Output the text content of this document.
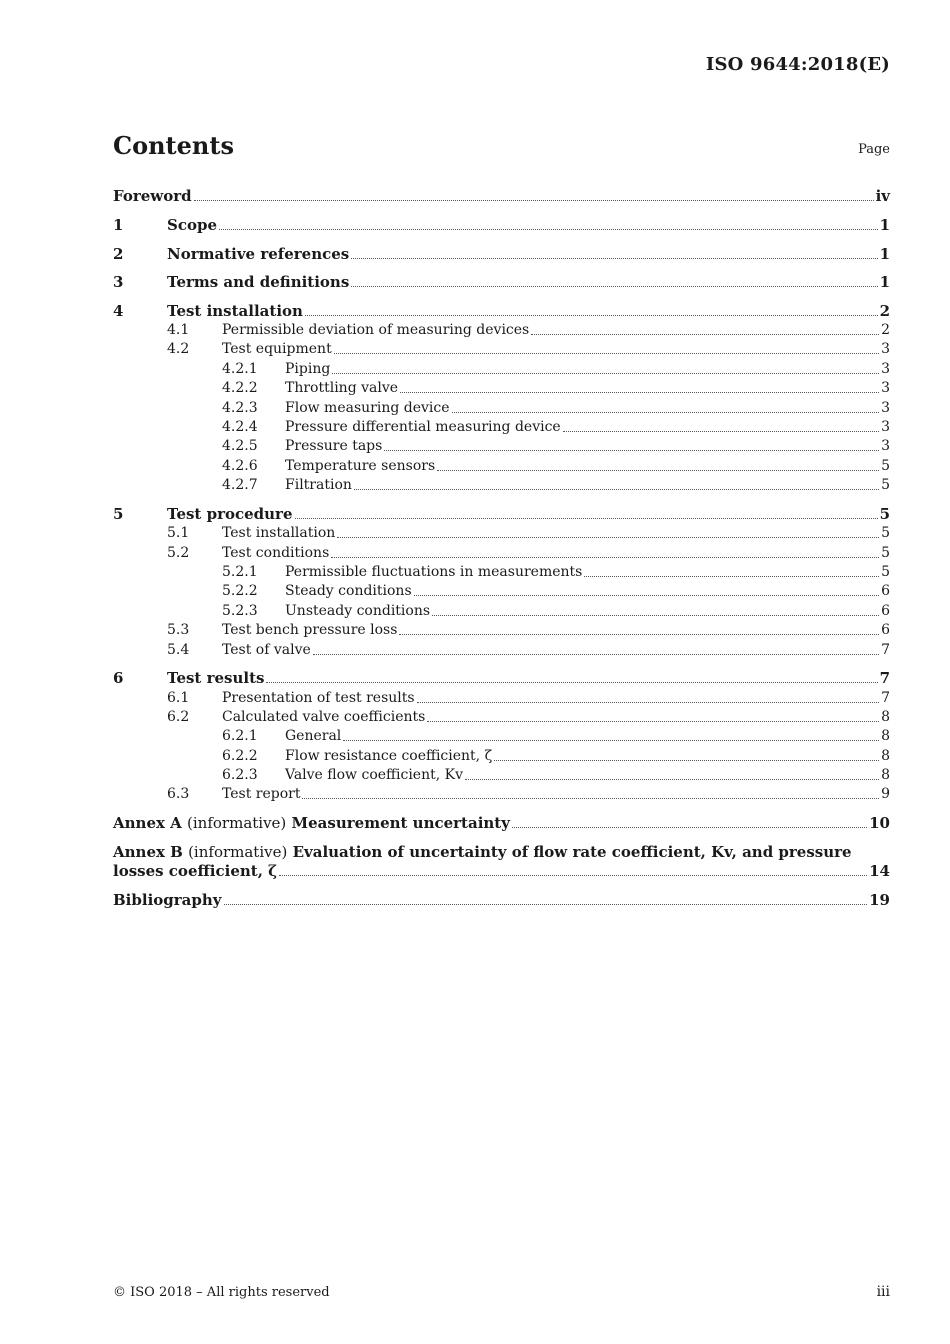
ISO 9644:2018(E)
Contents	Page
Foreword	iv
1	Scope	1
2	Normative references	1
3	Terms and definitions	1
4	Test installation	2
4.1	Permissible deviation of measuring devices	2
4.2	Test equipment	3
4.2.1	Piping	3
4.2.2	Throttling valve	3
4.2.3	Flow measuring device	3
4.2.4	Pressure differential measuring device	3
4.2.5	Pressure taps	3
4.2.6	Temperature sensors	5
4.2.7	Filtration	5
5	Test procedure	5
5.1	Test installation	5
5.2	Test conditions	5
5.2.1	Permissible fluctuations in measurements	5
5.2.2	Steady conditions	6
5.2.3	Unsteady conditions	6
5.3	Test bench pressure loss	6
5.4	Test of valve	7
6	Test results	7
6.1	Presentation of test results	7
6.2	Calculated valve coefficients	8
6.2.1	General	8
6.2.2	Flow resistance coefficient, ζ	8
6.2.3	Valve flow coefficient, Kv	8
6.3	Test report	9
Annex A (informative) Measurement uncertainty	10
Annex B
(informative)
Evaluation of uncertainty of flow rate coefficient, Kv, and pressure
losses coefficient, ζ	14
Bibliography	19
© ISO 2018 – All rights reserved	iii
